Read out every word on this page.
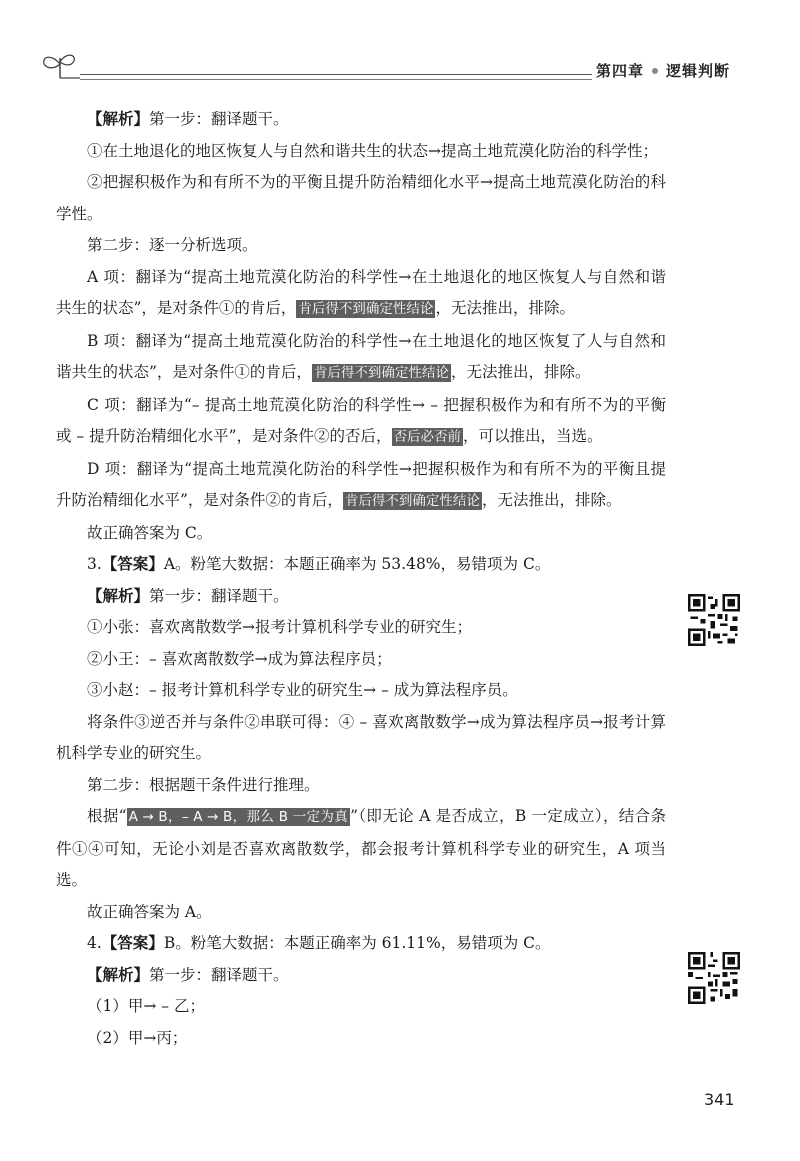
第四章 逻辑判断

【解析】第一步：翻译题干。

①在土地退化的地区恢复人与自然和谐共生的状态→提高土地荒漠化防治的科学性；

②把握积极作为和有所不为的平衡且提升防治精细化水平→提高土地荒漠化防治的科学性。

第二步：逐一分析选项。

A 项：翻译为“提高土地荒漠化防治的科学性→在土地退化的地区恢复人与自然和谐共生的状态”，是对条件①的肯后， 肯后得不到确定性结论 ，无法推出，排除。

B 项：翻译为“提高土地荒漠化防治的科学性→在土地退化的地区恢复了人与自然和谐共生的状态”，是对条件①的肯后， 肯后得不到确定性结论 ，无法推出，排除。

C 项：翻译为“– 提高土地荒漠化防治的科学性→ – 把握积极作为和有所不为的平衡或 – 提升防治精细化水平”，是对条件②的否后， 否后必否前 ，可以推出，当选。

D 项：翻译为“提高土地荒漠化防治的科学性→把握积极作为和有所不为的平衡且提升防治精细化水平”，是对条件②的肯后， 肯后得不到确定性结论 ，无法推出，排除。

故正确答案为 C。

3.【答案】A。粉笔大数据：本题正确率为 53.48%，易错项为 C。

【解析】第一步：翻译题干。

①小张：喜欢离散数学→报考计算机科学专业的研究生；

②小王：– 喜欢离散数学→成为算法程序员；

③小赵：– 报考计算机科学专业的研究生→ – 成为算法程序员。

将条件③逆否并与条件②串联可得：④ – 喜欢离散数学→成为算法程序员→报考计算机科学专业的研究生。

第二步：根据题干条件进行推理。

根据“ A → B，– A → B，那么 B 一定为真 ”（即无论 A 是否成立，B 一定成立），结合条件①④可知，无论小刘是否喜欢离散数学，都会报考计算机科学专业的研究生，A 项当选。

故正确答案为 A。

4.【答案】B。粉笔大数据：本题正确率为 61.11%，易错项为 C。

【解析】第一步：翻译题干。

（1）甲→ – 乙；

（2）甲→丙；

341
